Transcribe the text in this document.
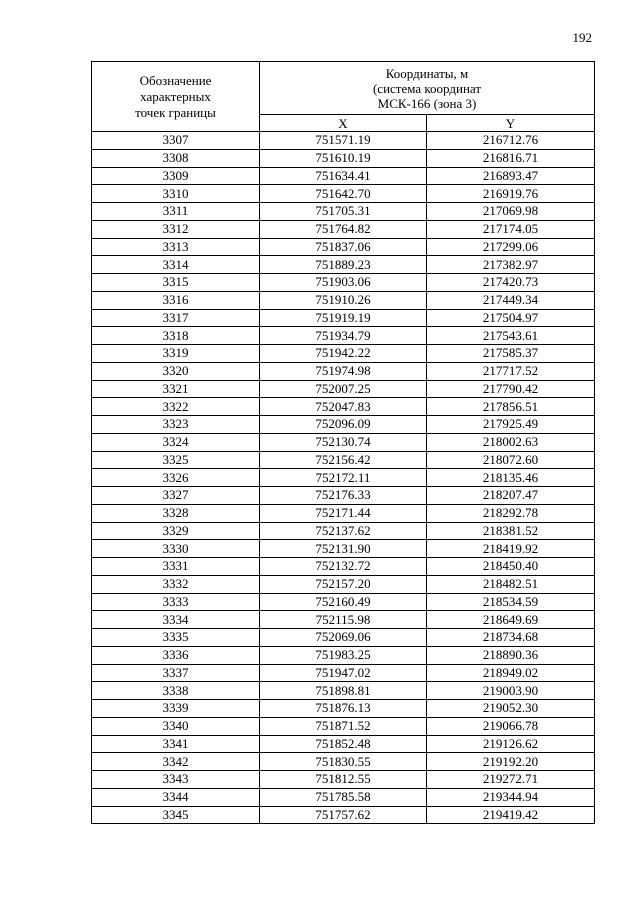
192
Обозначение
характерных
точек границы	Координаты, м
(система координат
МСК-166 (зона 3)	

	X	Y
3307	751571.19	216712.76
3308	751610.19	216816.71
3309	751634.41	216893.47
3310	751642.70	216919.76
3311	751705.31	217069.98
3312	751764.82	217174.05
3313	751837.06	217299.06
3314	751889.23	217382.97
3315	751903.06	217420.73
3316	751910.26	217449.34
3317	751919.19	217504.97
3318	751934.79	217543.61
3319	751942.22	217585.37
3320	751974.98	217717.52
3321	752007.25	217790.42
3322	752047.83	217856.51
3323	752096.09	217925.49
3324	752130.74	218002.63
3325	752156.42	218072.60
3326	752172.11	218135.46
3327	752176.33	218207.47
3328	752171.44	218292.78
3329	752137.62	218381.52
3330	752131.90	218419.92
3331	752132.72	218450.40
3332	752157.20	218482.51
3333	752160.49	218534.59
3334	752115.98	218649.69
3335	752069.06	218734.68
3336	751983.25	218890.36
3337	751947.02	218949.02
3338	751898.81	219003.90
3339	751876.13	219052.30
3340	751871.52	219066.78
3341	751852.48	219126.62
3342	751830.55	219192.20
3343	751812.55	219272.71
3344	751785.58	219344.94
3345	751757.62	219419.42
